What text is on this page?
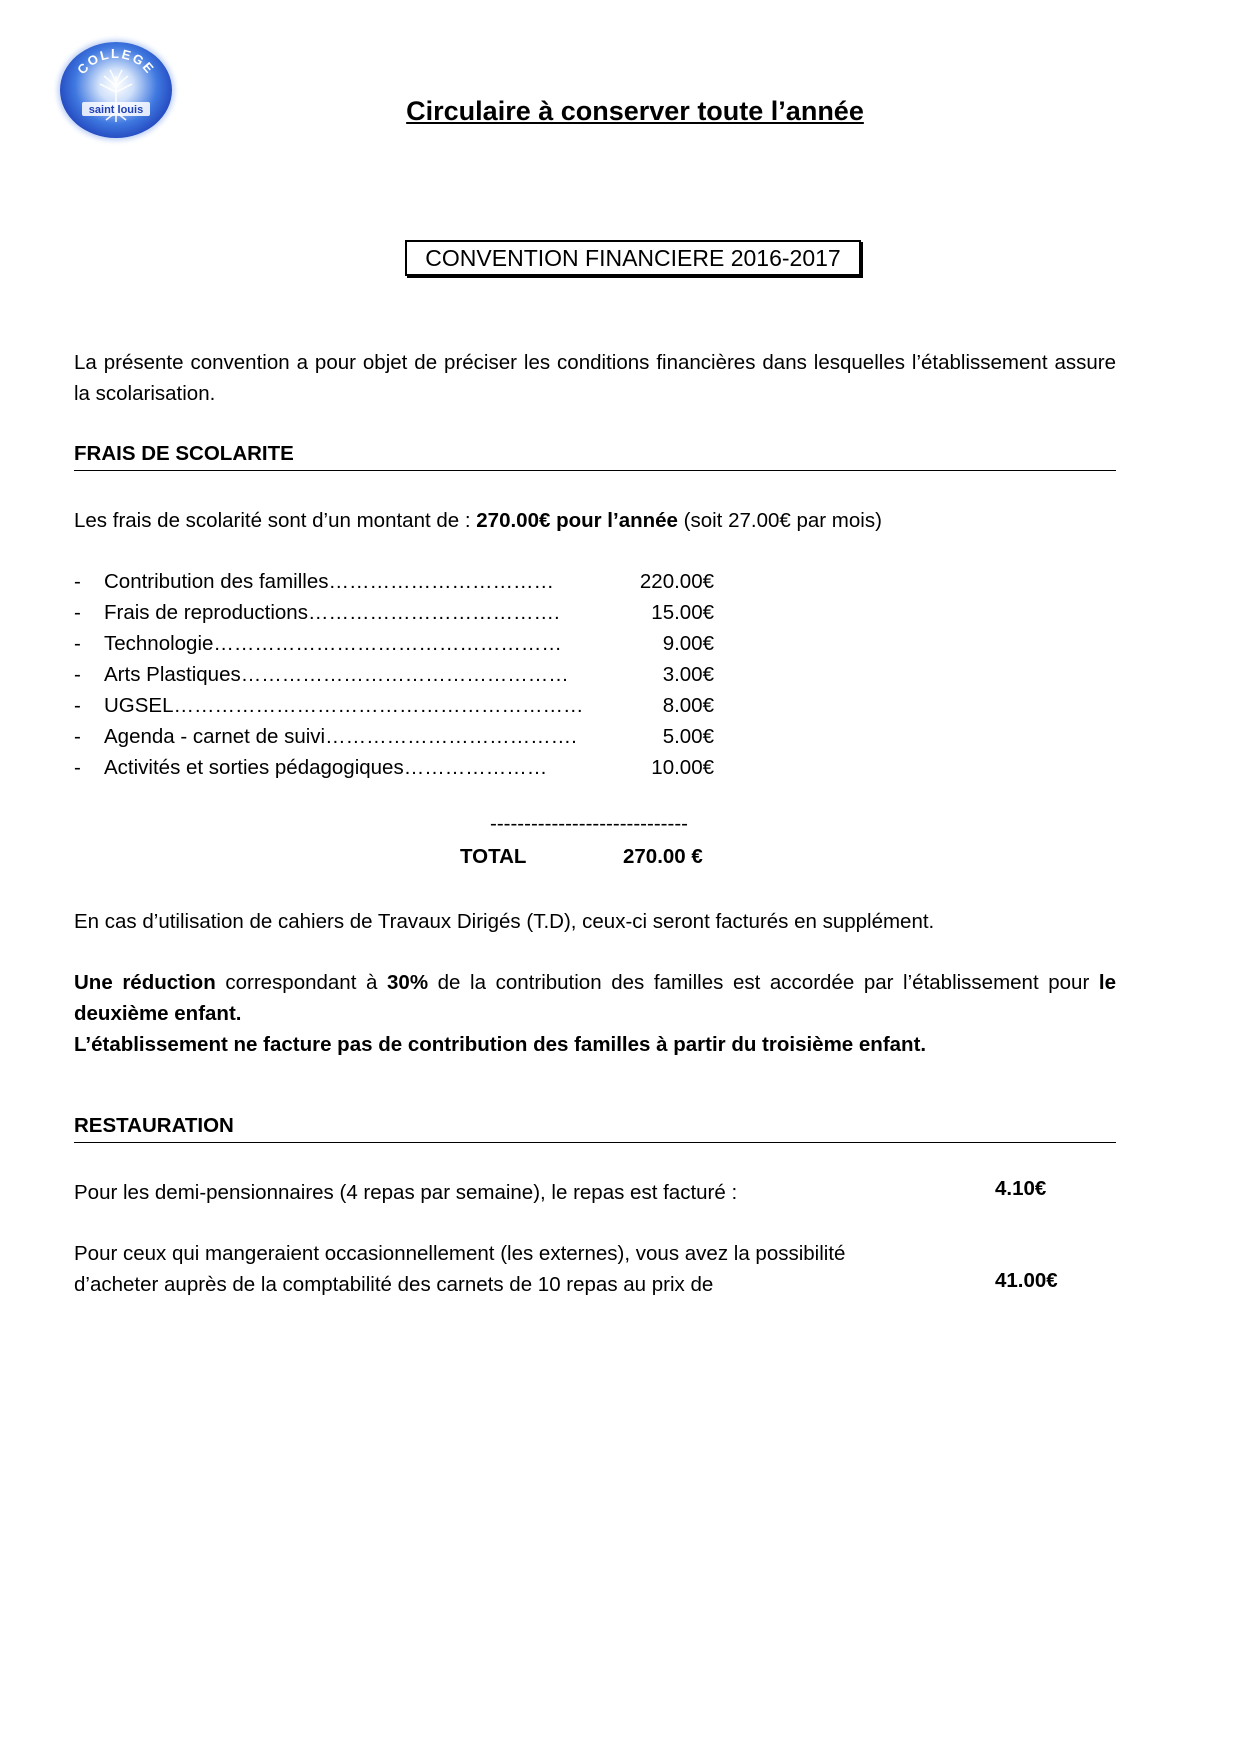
COLLEGE
saint louis	Circulaire à conserver toute l’année
CONVENTION FINANCIERE 2016-2017
La présente convention a pour objet de préciser les conditions financières dans lesquelles l’établissement assure la scolarisation.
FRAIS DE SCOLARITE
Les frais de scolarité sont d’un montant de : 270.00€ pour l’année (soit 27.00€ par mois)
- Contribution des familles……………………………	220.00€
- Frais de reproductions……………………………….	15.00€
- Technologie……………………………………………	9.00€
- Arts Plastiques…………………………………………	3.00€
- UGSEL……………………………………………………	8.00€
- Agenda - carnet de suivi……………………………….	5.00€
- Activités et sorties pédagogiques…………………	10.00€
-----------------------------
TOTAL	270.00 €
En cas d’utilisation de cahiers de Travaux Dirigés (T.D), ceux-ci seront facturés en supplément.
Une réduction correspondant à 30% de la contribution des familles est accordée par l’établissement pour le deuxième enfant.
L’établissement ne facture pas de contribution des familles à partir du troisième enfant.
RESTAURATION
Pour les demi-pensionnaires (4 repas par semaine), le repas est facturé :	4.10€
Pour ceux qui mangeraient occasionnellement (les externes), vous avez la possibilité
d’acheter auprès de la comptabilité des carnets de 10 repas au prix de	41.00€
